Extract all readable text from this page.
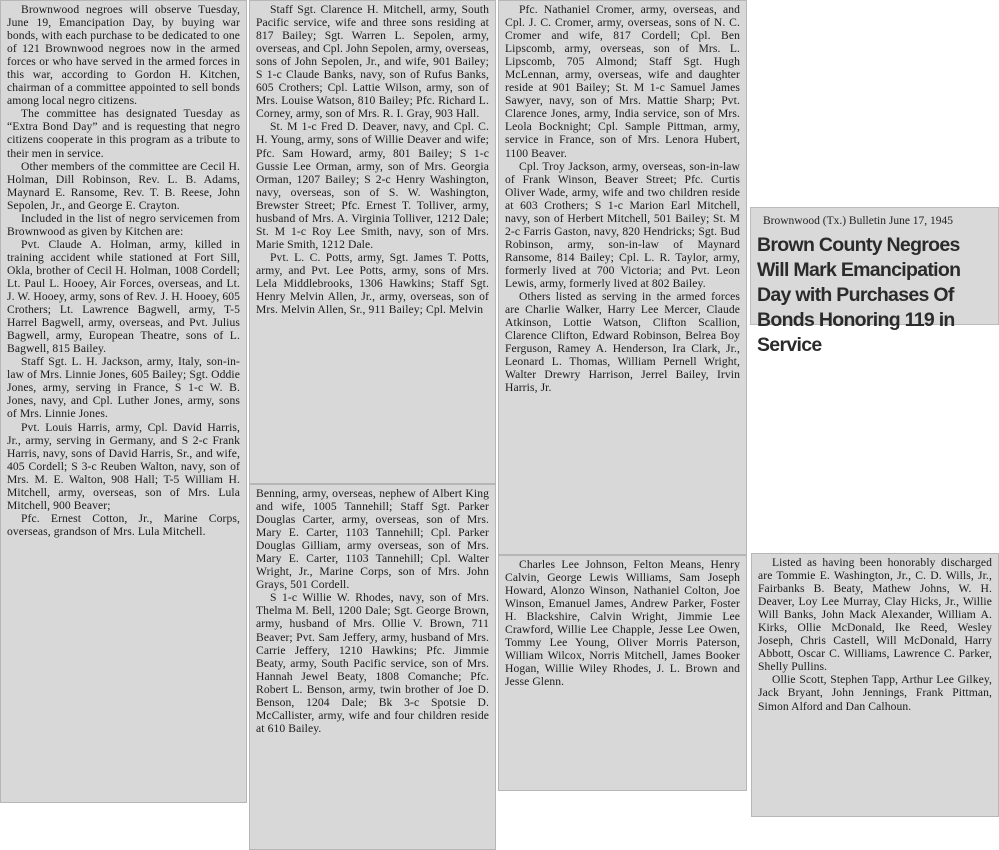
Brownwood negroes will observe Tuesday, June 19, Emancipation Day, by buying war bonds, with each purchase to be dedicated to one of 121 Brownwood negroes now in the armed forces or who have served in the armed forces in this war, according to Gordon H. Kitchen, chairman of a committee appointed to sell bonds among local negro citizens.

The committee has designated Tuesday as “Extra Bond Day” and is requesting that negro citizens cooperate in this program as a tribute to their men in service.

Other members of the committee are Cecil H. Holman, Dill Robinson, Rev. L. B. Adams, Maynard E. Ransome, Rev. T. B. Reese, John Sepolen, Jr., and George E. Crayton.

Included in the list of negro servicemen from Brownwood as given by Kitchen are:

Pvt. Claude A. Holman, army, killed in training accident while stationed at Fort Sill, Okla, brother of Cecil H. Holman, 1008 Cordell; Lt. Paul L. Hooey, Air Forces, overseas, and Lt. J. W. Hooey, army, sons of Rev. J. H. Hooey, 605 Crothers; Lt. Lawrence Bagwell, army, T-5 Harrel Bagwell, army, overseas, and Pvt. Julius Bagwell, army, European Theatre, sons of L. Bagwell, 815 Bailey.

Staff Sgt. L. H. Jackson, army, Italy, son-in-law of Mrs. Linnie Jones, 605 Bailey; Sgt. Oddie Jones, army, serving in France, S 1-c W. B. Jones, navy, and Cpl. Luther Jones, army, sons of Mrs. Linnie Jones.

Pvt. Louis Harris, army, Cpl. David Harris, Jr., army, serving in Germany, and S 2-c Frank Harris, navy, sons of David Harris, Sr., and wife, 405 Cordell; S 3-c Reuben Walton, navy, son of Mrs. M. E. Walton, 908 Hall; T-5 William H. Mitchell, army, overseas, son of Mrs. Lula Mitchell, 900 Beaver;

Pfc. Ernest Cotton, Jr., Marine Corps, overseas, grandson of Mrs. Lula Mitchell.

Staff Sgt. Clarence H. Mitchell, army, South Pacific service, wife and three sons residing at 817 Bailey; Sgt. Warren L. Sepolen, army, overseas, and Cpl. John Sepolen, army, overseas, sons of John Sepolen, Jr., and wife, 901 Bailey; S 1-c Claude Banks, navy, son of Rufus Banks, 605 Crothers; Cpl. Lattie Wilson, army, son of Mrs. Louise Watson, 810 Bailey; Pfc. Richard L. Corney, army, son of Mrs. R. I. Gray, 903 Hall.

St. M 1-c Fred D. Deaver, navy, and Cpl. C. H. Young, army, sons of Willie Deaver and wife; Pfc. Sam Howard, army, 801 Bailey; S 1-c Gussie Lee Orman, army, son of Mrs. Georgia Orman, 1207 Bailey; S 2-c Henry Washington, navy, overseas, son of S. W. Washington, Brewster Street; Pfc. Ernest T. Tolliver, army, husband of Mrs. A. Virginia Tolliver, 1212 Dale; St. M 1-c Roy Lee Smith, navy, son of Mrs. Marie Smith, 1212 Dale.

Pvt. L. C. Potts, army, Sgt. James T. Potts, army, and Pvt. Lee Potts, army, sons of Mrs. Lela Middlebrooks, 1306 Hawkins; Staff Sgt. Henry Melvin Allen, Jr., army, overseas, son of Mrs. Melvin Allen, Sr., 911 Bailey; Cpl. Melvin

Benning, army, overseas, nephew of Albert King and wife, 1005 Tannehill; Staff Sgt. Parker Douglas Carter, army, overseas, son of Mrs. Mary E. Carter, 1103 Tannehill; Cpl. Parker Douglas Gilliam, army overseas, son of Mrs. Mary E. Carter, 1103 Tannehill; Cpl. Walter Wright, Jr., Marine Corps, son of Mrs. John Grays, 501 Cordell.

S 1-c Willie W. Rhodes, navy, son of Mrs. Thelma M. Bell, 1200 Dale; Sgt. George Brown, army, husband of Mrs. Ollie V. Brown, 711 Beaver; Pvt. Sam Jeffery, army, husband of Mrs. Carrie Jeffery, 1210 Hawkins; Pfc. Jimmie Beaty, army, South Pacific service, son of Mrs. Hannah Jewel Beaty, 1808 Comanche; Pfc. Robert L. Benson, army, twin brother of Joe D. Benson, 1204 Dale; Bk 3-c Spotsie D. McCallister, army, wife and four children reside at 610 Bailey.

Pfc. Nathaniel Cromer, army, overseas, and Cpl. J. C. Cromer, army, overseas, sons of N. C. Cromer and wife, 817 Cordell; Cpl. Ben Lipscomb, army, overseas, son of Mrs. L. Lipscomb, 705 Almond; Staff Sgt. Hugh McLennan, army, overseas, wife and daughter reside at 901 Bailey; St. M 1-c Samuel James Sawyer, navy, son of Mrs. Mattie Sharp; Pvt. Clarence Jones, army, India service, son of Mrs. Leola Bocknight; Cpl. Sample Pittman, army, service in France, son of Mrs. Lenora Hubert, 1100 Beaver.

Cpl. Troy Jackson, army, overseas, son-in-law of Frank Winson, Beaver Street; Pfc. Curtis Oliver Wade, army, wife and two children reside at 603 Crothers; S 1-c Marion Earl Mitchell, navy, son of Herbert Mitchell, 501 Bailey; St. M 2-c Farris Gaston, navy, 820 Hendricks; Sgt. Bud Robinson, army, son-in-law of Maynard Ransome, 814 Bailey; Cpl. L. R. Taylor, army, formerly lived at 700 Victoria; and Pvt. Leon Lewis, army, formerly lived at 802 Bailey.

Others listed as serving in the armed forces are Charlie Walker, Harry Lee Mercer, Claude Atkinson, Lottie Watson, Clifton Scallion, Clarence Clifton, Edward Robinson, Belrea Boy Ferguson, Ramey A. Henderson, Ira Clark, Jr., Leonard L. Thomas, William Pernell Wright, Walter Drewry Harrison, Jerrel Bailey, Irvin Harris, Jr.

Charles Lee Johnson, Felton Means, Henry Calvin, George Lewis Williams, Sam Joseph Howard, Alonzo Winson, Nathaniel Colton, Joe Winson, Emanuel James, Andrew Parker, Foster H. Blackshire, Calvin Wright, Jimmie Lee Crawford, Willie Lee Chapple, Jesse Lee Owen, Tommy Lee Young, Oliver Morris Paterson, William Wilcox, Norris Mitchell, James Booker Hogan, Willie Wiley Rhodes, J. L. Brown and Jesse Glenn.

Brownwood (Tx.) Bulletin June 17, 1945
Brown County Negroes Will Mark Emancipation Day with Purchases Of Bonds Honoring 119 in Service

Listed as having been honorably discharged are Tommie E. Washington, Jr., C. D. Wills, Jr., Fairbanks B. Beaty, Mathew Johns, W. H. Deaver, Loy Lee Murray, Clay Hicks, Jr., Willie Will Banks, John Mack Alexander, William A. Kirks, Ollie McDonald, Ike Reed, Wesley Joseph, Chris Castell, Will McDonald, Harry Abbott, Oscar C. Williams, Lawrence C. Parker, Shelly Pullins.

Ollie Scott, Stephen Tapp, Arthur Lee Gilkey, Jack Bryant, John Jennings, Frank Pittman, Simon Alford and Dan Calhoun.
